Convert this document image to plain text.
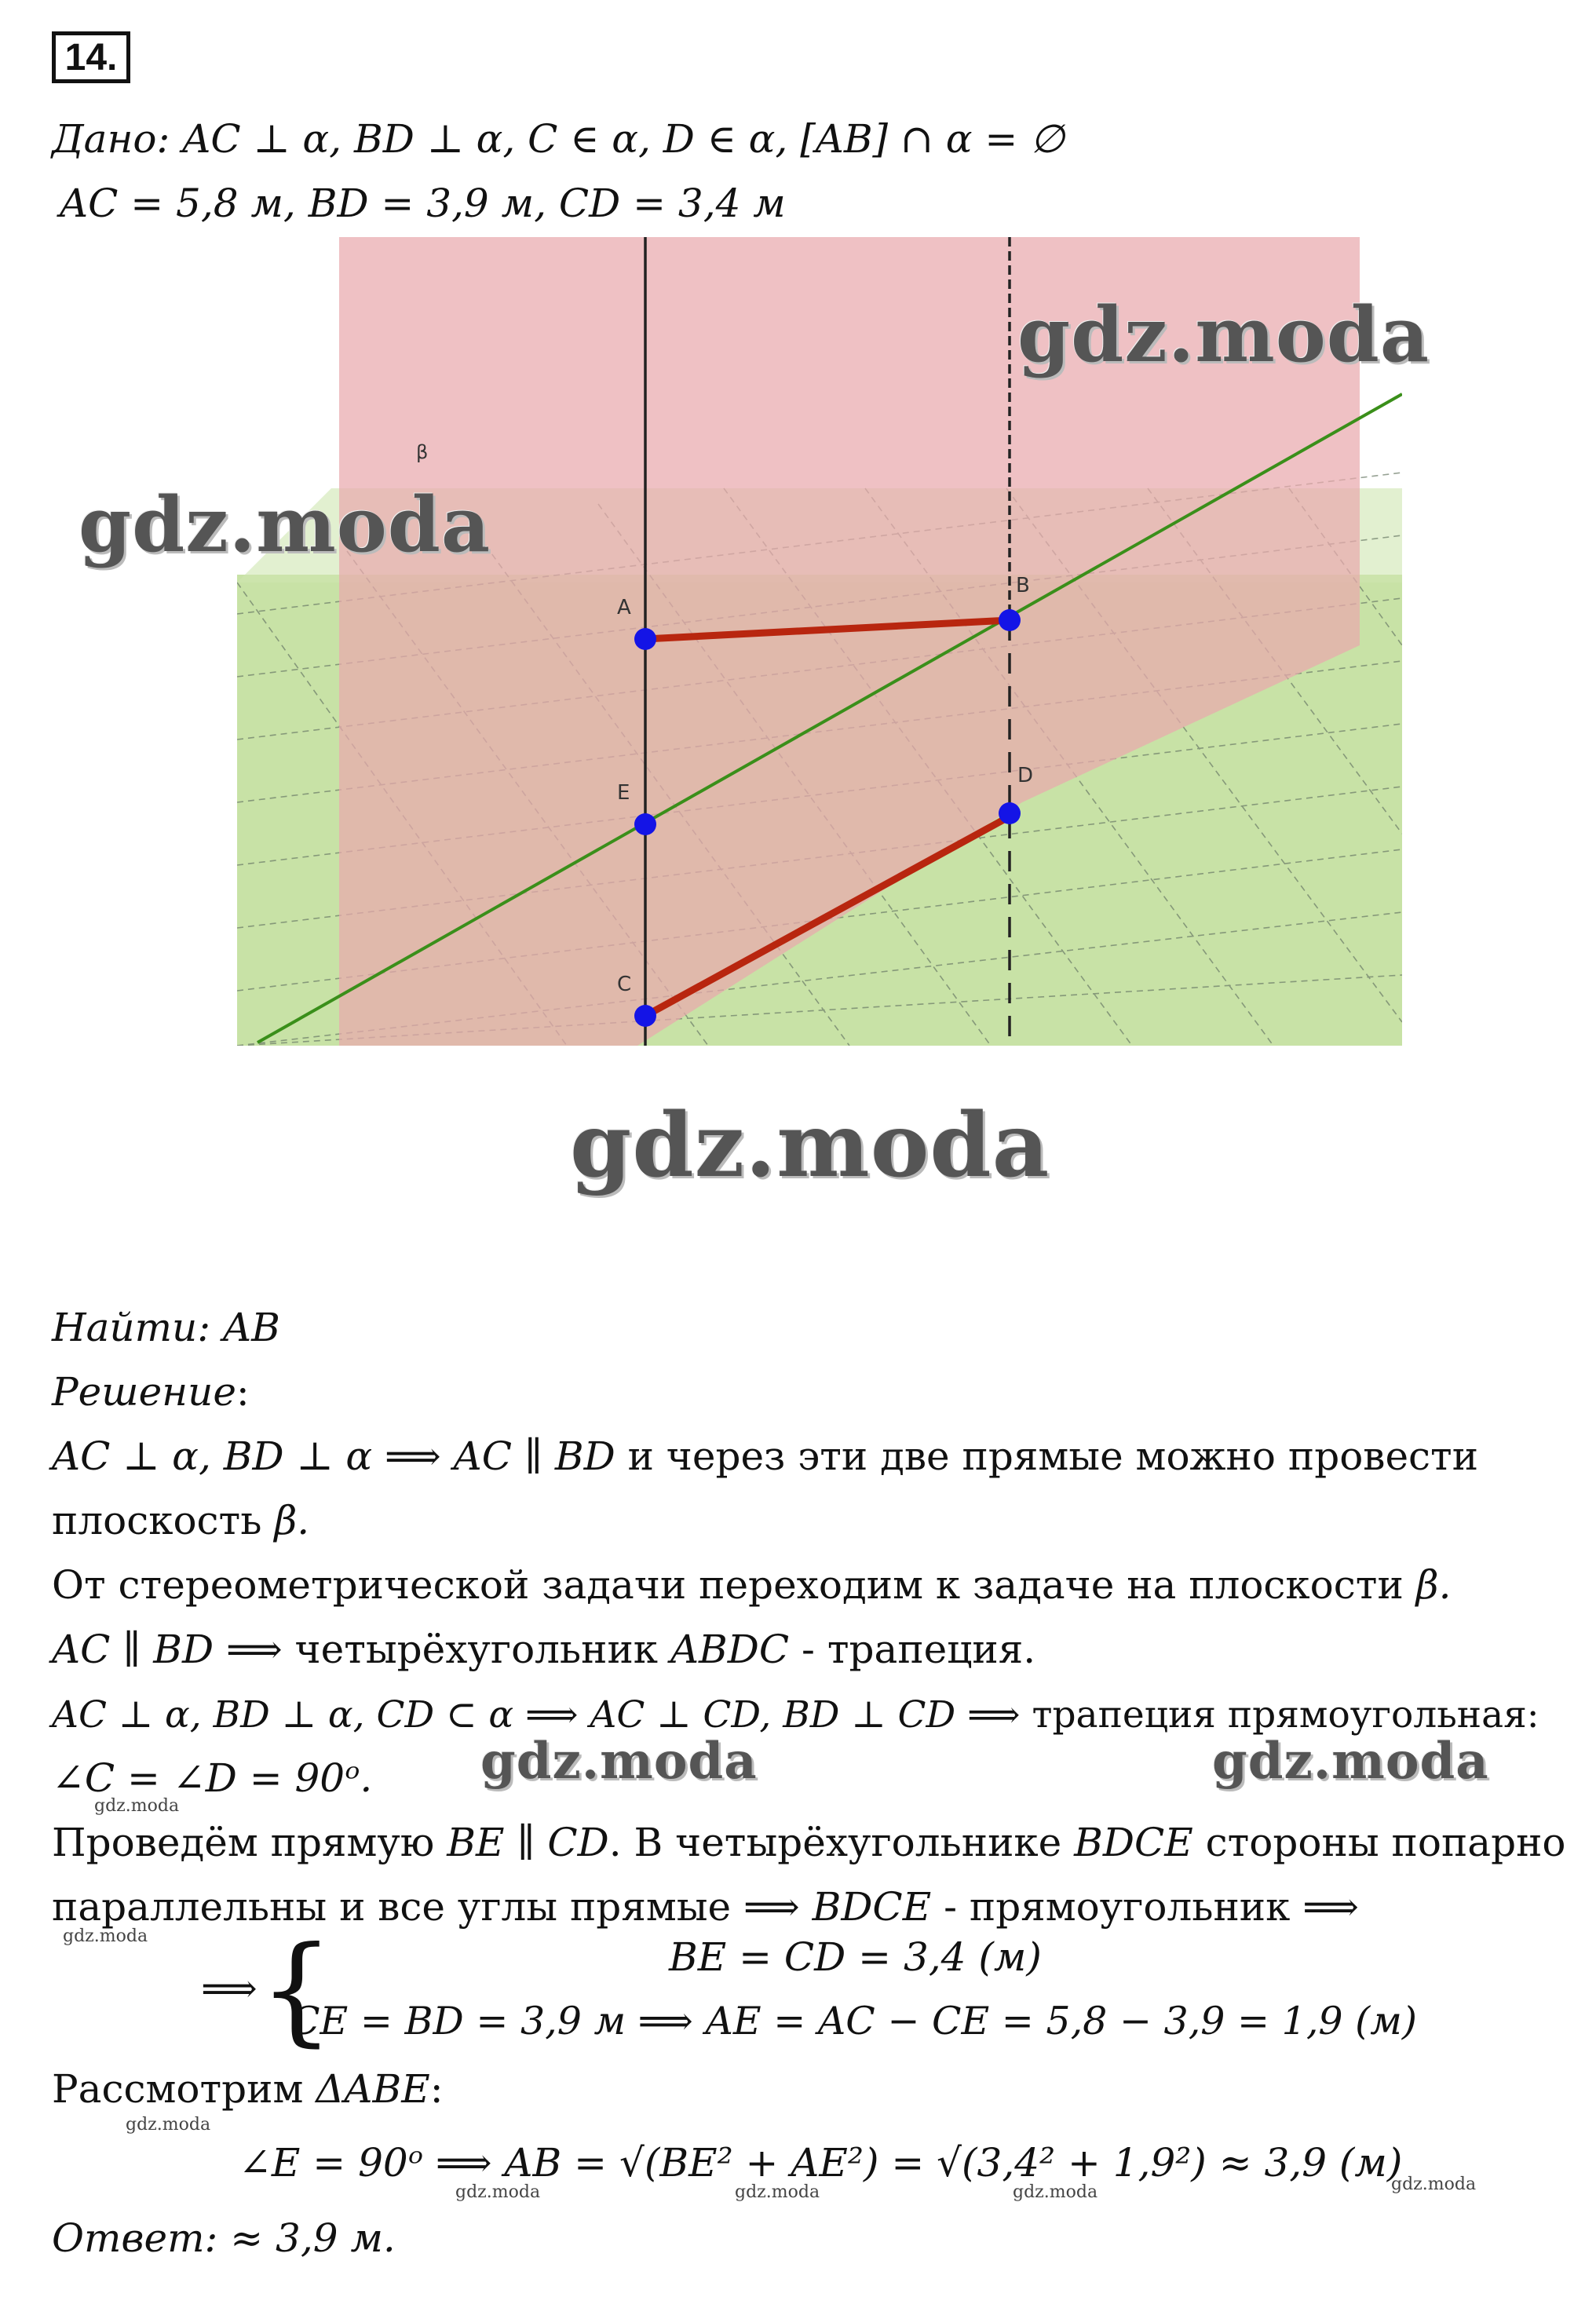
14.
Дано: AC ⊥ α, BD ⊥ α, C ∈ α, D ∈ α, [AB] ∩ α = ∅
AC = 5,8 м, BD = 3,9 м, CD = 3,4 м
A
B
E
D
C
β
gdz.moda
gdz.moda
gdz.moda
Найти: AB
Решение:
AC ⊥ α, BD ⊥ α ⟹ AC ∥ BD и через эти две прямые можно провести
плоскость β.
От стереометрической задачи переходим к задаче на плоскости β.
AC ∥ BD ⟹ четырёхугольник ABDC - трапеция.
AC ⊥ α, BD ⊥ α, CD ⊂ α ⟹ AC ⊥ CD, BD ⊥ CD ⟹ трапеция прямоугольная:
∠C = ∠D = 90ᵒ. gdz.moda	gdz.moda
gdz.moda
Проведём прямую BE ∥ CD. В четырёхугольнике BDCE стороны попарно
параллельны и все углы прямые ⟹ BDCE - прямоугольник ⟹
gdz.moda
⟹ {	BE = CD = 3,4 (м)
CE = BD = 3,9 м ⟹ AE = AC − CE = 5,8 − 3,9 = 1,9 (м)
Рассмотрим ΔABE:
gdz.moda
∠E = 90ᵒ ⟹ AB = √(BE² + AE²) = √(3,4² + 1,9²) ≈ 3,9 (м)
gdz.moda	gdz.moda	gdz.moda	gdz.moda
Ответ: ≈ 3,9 м.
